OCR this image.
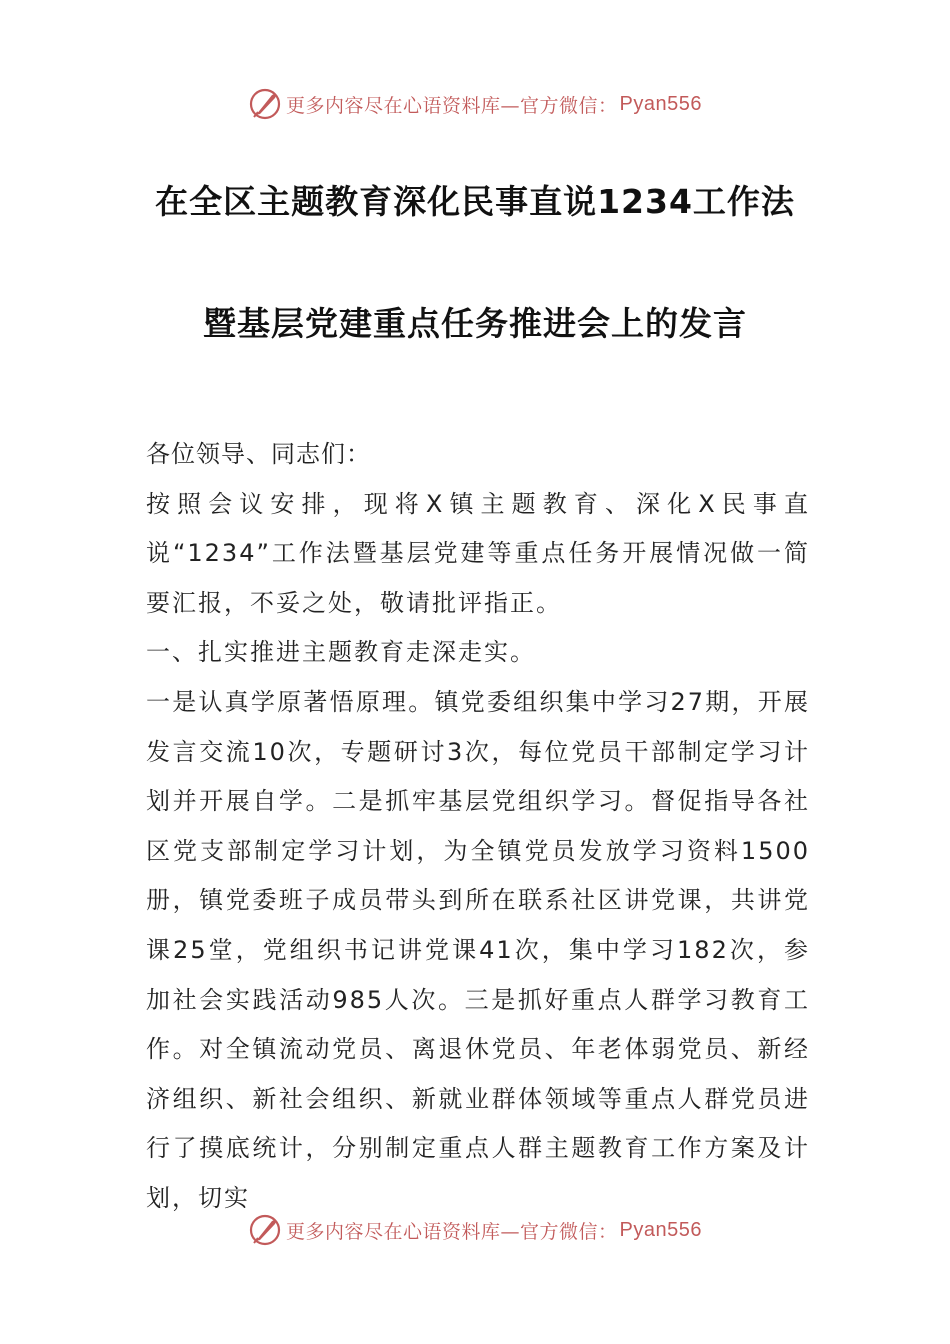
更多内容尽在心语资料库—官方微信： Pyan556
在全区主题教育深化民事直说1234工作法
暨基层党建重点任务推进会上的发言

各位领导、同志们：

按照会议安排，现将X镇主题教育、深化X民事直说“1234”工作法暨基层党建等重点任务开展情况做一简要汇报，不妥之处，敬请批评指正。

一、扎实推进主题教育走深走实。

一是认真学原著悟原理。镇党委组织集中学习27期，开展发言交流10次，专题研讨3次，每位党员干部制定学习计划并开展自学。二是抓牢基层党组织学习。督促指导各社区党支部制定学习计划，为全镇党员发放学习资料1500册，镇党委班子成员带头到所在联系社区讲党课，共讲党课25堂，党组织书记讲党课41次，集中学习182次，参加社会实践活动985人次。三是抓好重点人群学习教育工作。对全镇流动党员、离退休党员、年老体弱党员、新经济组织、新社会组织、新就业群体领域等重点人群党员进行了摸底统计，分别制定重点人群主题教育工作方案及计划，切实

更多内容尽在心语资料库—官方微信： Pyan556
